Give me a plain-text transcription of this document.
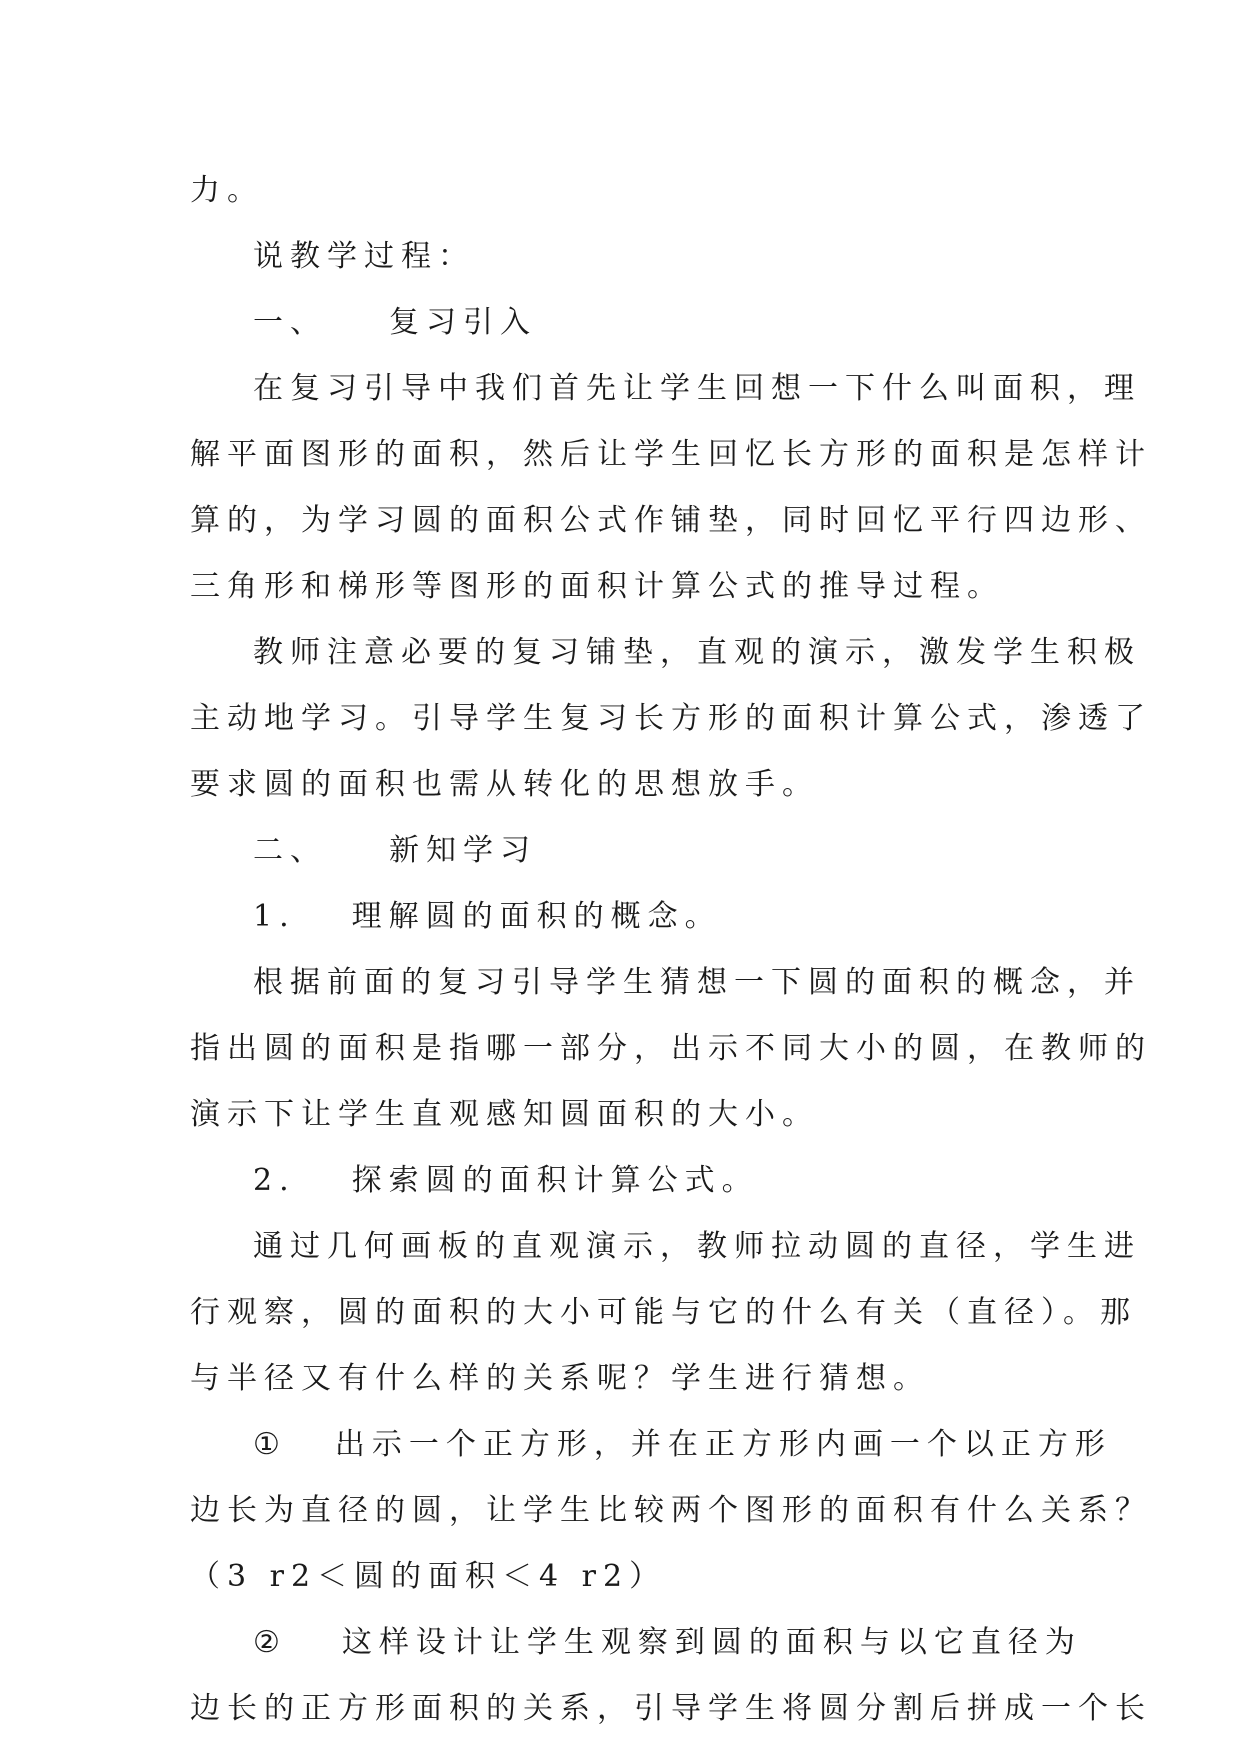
力。
说教学过程：
一、 复习引入
在复习引导中我们首先让学生回想一下什么叫面积，理
解平面图形的面积，然后让学生回忆长方形的面积是怎样计
算的，为学习圆的面积公式作铺垫，同时回忆平行四边形、
三角形和梯形等图形的面积计算公式的推导过程。
教师注意必要的复习铺垫，直观的演示，激发学生积极
主动地学习。引导学生复习长方形的面积计算公式，渗透了
要求圆的面积也需从转化的思想放手。
二、 新知学习
1. 理解圆的面积的概念。
根据前面的复习引导学生猜想一下圆的面积的概念，并
指出圆的面积是指哪一部分，出示不同大小的圆，在教师的
演示下让学生直观感知圆面积的大小。
2. 探索圆的面积计算公式。
通过几何画板的直观演示，教师拉动圆的直径，学生进
行观察，圆的面积的大小可能与它的什么有关（直径）。那
与半径又有什么样的关系呢？学生进行猜想。
① 出示一个正方形，并在正方形内画一个以正方形
边长为直径的圆，让学生比较两个图形的面积有什么关系？
（3 r2＜圆的面积＜4 r2）
② 这样设计让学生观察到圆的面积与以它直径为
边长的正方形面积的关系，引导学生将圆分割后拼成一个长
